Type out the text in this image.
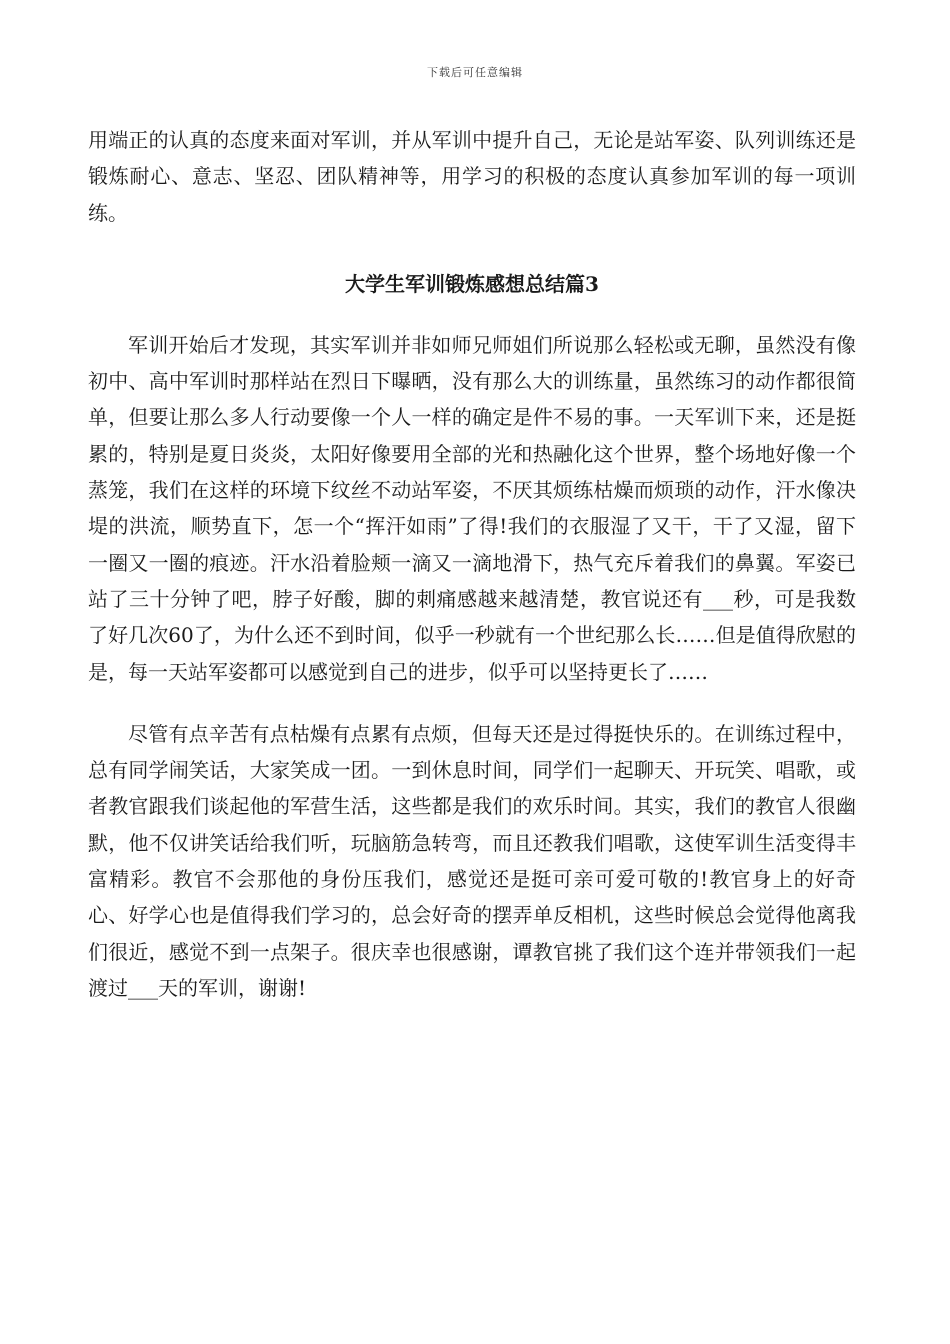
下载后可任意编辑

用端正的认真的态度来面对军训，并从军训中提升自己，无论是站军姿、队列训练还是锻炼耐心、意志、坚忍、团队精神等，用学习的积极的态度认真参加军训的每一项训练。

大学生军训锻炼感想总结篇3

军训开始后才发现，其实军训并非如师兄师姐们所说那么轻松或无聊，虽然没有像初中、高中军训时那样站在烈日下曝晒，没有那么大的训练量，虽然练习的动作都很简单，但要让那么多人行动要像一个人一样的确定是件不易的事。一天军训下来，还是挺累的，特别是夏日炎炎，太阳好像要用全部的光和热融化这个世界，整个场地好像一个蒸笼，我们在这样的环境下纹丝不动站军姿，不厌其烦练枯燥而烦琐的动作，汗水像决堤的洪流，顺势直下，怎一个“挥汗如雨”了得!我们的衣服湿了又干，干了又湿，留下一圈又一圈的痕迹。汗水沿着脸颊一滴又一滴地滑下，热气充斥着我们的鼻翼。军姿已站了三十分钟了吧，脖子好酸，脚的刺痛感越来越清楚，教官说还有___秒，可是我数了好几次60了，为什么还不到时间，似乎一秒就有一个世纪那么长……但是值得欣慰的是，每一天站军姿都可以感觉到自己的进步，似乎可以坚持更长了……

尽管有点辛苦有点枯燥有点累有点烦，但每天还是过得挺快乐的。在训练过程中，总有同学闹笑话，大家笑成一团。一到休息时间，同学们一起聊天、开玩笑、唱歌，或者教官跟我们谈起他的军营生活，这些都是我们的欢乐时间。其实，我们的教官人很幽默，他不仅讲笑话给我们听，玩脑筋急转弯，而且还教我们唱歌，这使军训生活变得丰富精彩。教官不会那他的身份压我们，感觉还是挺可亲可爱可敬的!教官身上的好奇心、好学心也是值得我们学习的，总会好奇的摆弄单反相机，这些时候总会觉得他离我们很近，感觉不到一点架子。很庆幸也很感谢，谭教官挑了我们这个连并带领我们一起渡过___天的军训，谢谢!
